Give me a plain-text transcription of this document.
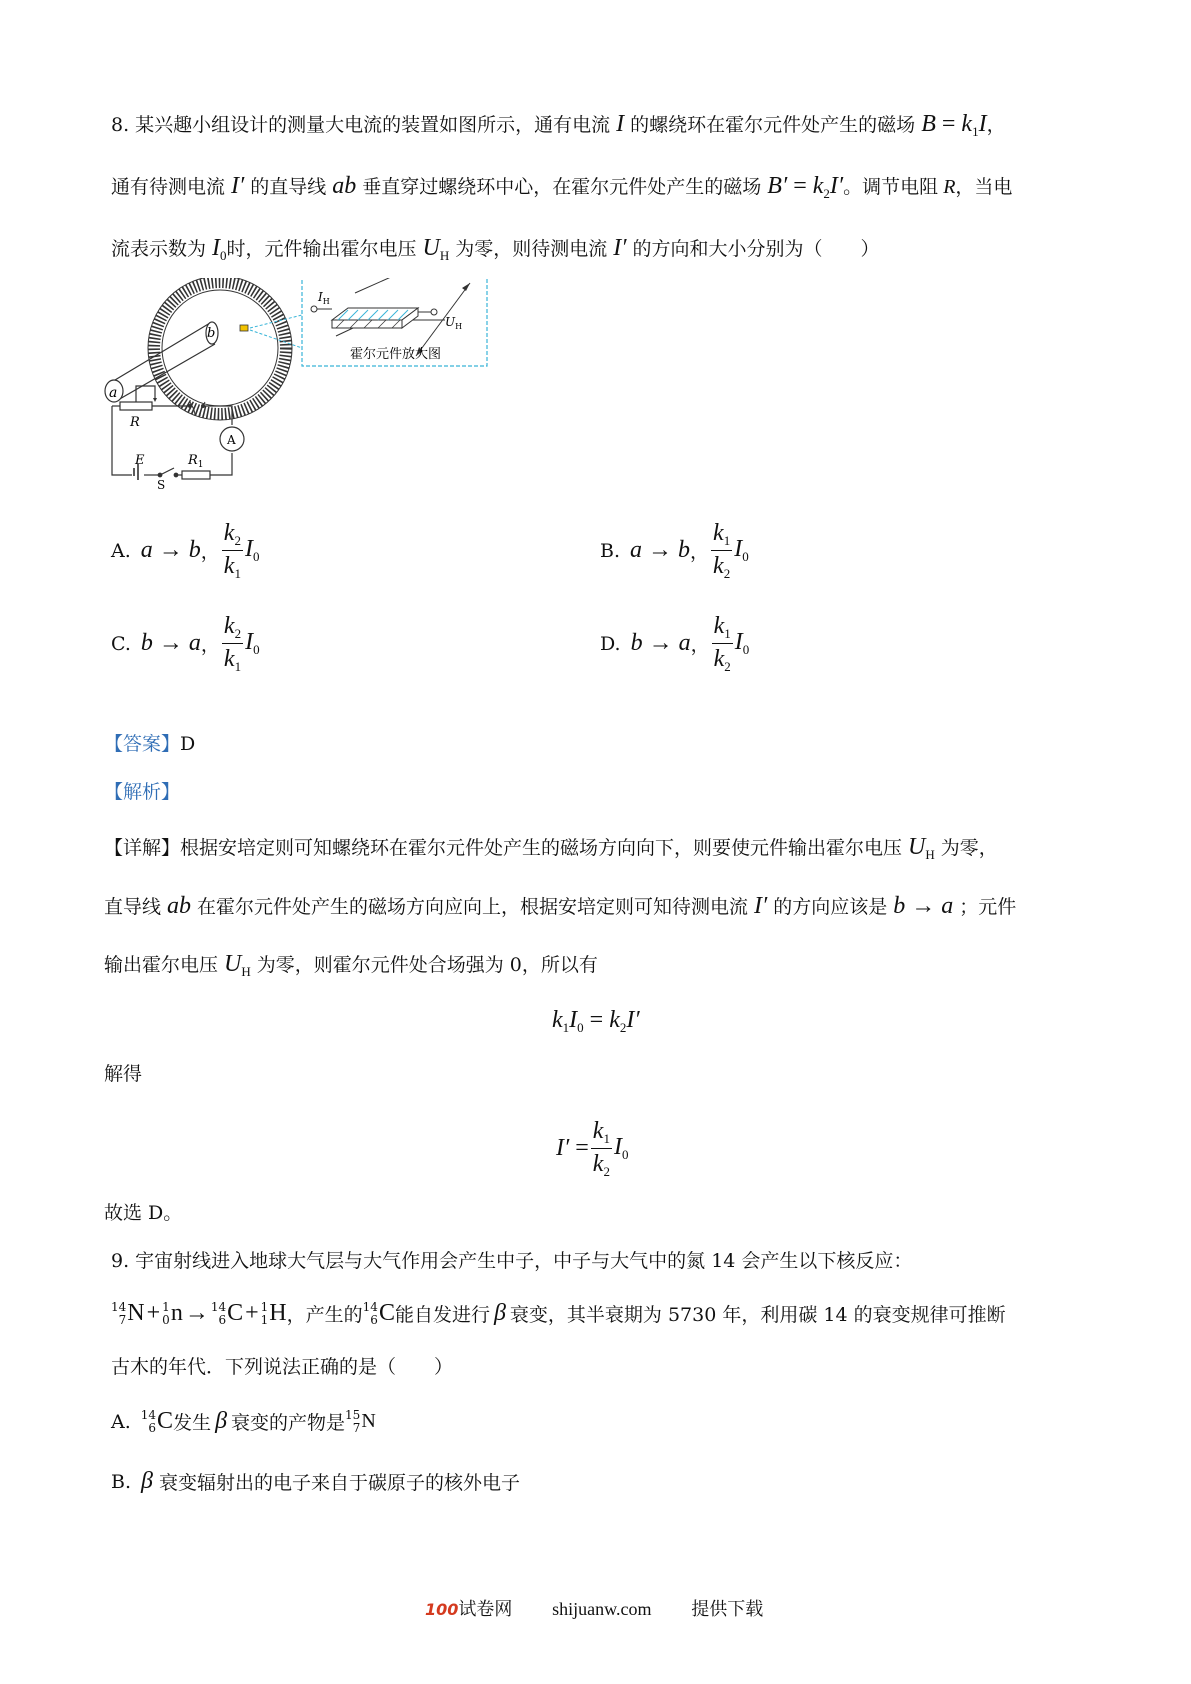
8. 某兴趣小组设计的测量大电流的装置如图所示，通有电流 I 的螺绕环在霍尔元件处产生的磁场 $B = k_1I$，
通有待测电流 I′ 的直导线 ab 垂直穿过螺绕环中心，在霍尔元件处产生的磁场 $B' = k_2I'$。调节电阻 R，当电
流表示数为 $I_0$时，元件输出霍尔电压 $U_H$ 为零，则待测电流 I′ 的方向和大小分别为（　　）
a
b
$I_H$
$U_H$
霍尔元件放大图
R
E
S
$R_1$
A
A. a → b ， $\frac{k_2}{k_1} I_0$	B. a → b ， $\frac{k_1}{k_2} I_0$
C. b → a ， $\frac{k_2}{k_1} I_0$	D. b → a ， $\frac{k_1}{k_2} I_0$
【答案】D
【解析】
【详解】根据安培定则可知螺绕环在霍尔元件处产生的磁场方向向下，则要使元件输出霍尔电压 $U_H$ 为零，
直导线 ab 在霍尔元件处产生的磁场方向应向上，根据安培定则可知待测电流 I′ 的方向应该是 b → a ；元件
输出霍尔电压 $U_H$ 为零，则霍尔元件处合场强为 0，所以有
$k_1I_0 = k_2I'$
解得
$I' = \frac{k_1}{k_2} I_0$
故选 D。
9. 宇宙射线进入地球大气层与大气作用会产生中子，中子与大气中的氮 14 会产生以下核反应：
14
7 N + 1
0 n → 14
6 C + 1
1 H ，产生的 14
6 C 能自发进行 β 衰变，其半衰期为 5730 年，利用碳 14 的衰变规律可推断
古木的年代．下列说法正确的是（　　）
A. 14
6 C 发生 β 衰变的产物是 15
7 N
B. β 衰变辐射出的电子来自于碳原子的核外电子
100试卷网 shijuanw.com 提供下载
